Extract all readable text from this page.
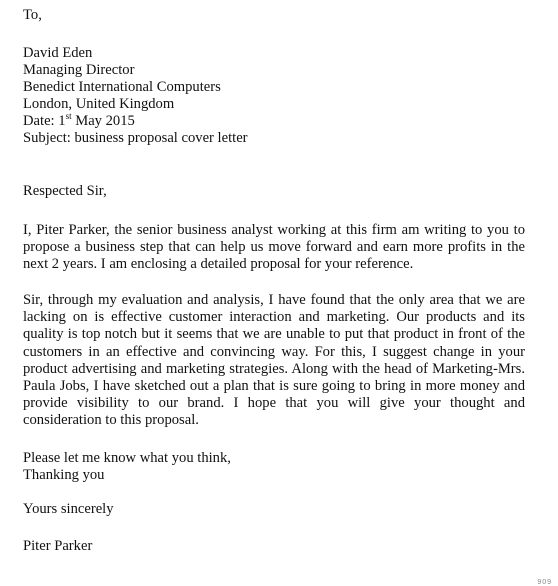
To,
David Eden
Managing Director
Benedict International Computers
London, United Kingdom
Date: 1st May 2015
Subject: business proposal cover letter
Respected Sir,
I, Piter Parker, the senior business analyst working at this firm am writing to you to propose a business step that can help us move forward and earn more profits in the next 2 years. I am enclosing a detailed proposal for your reference.
Sir, through my evaluation and analysis, I have found that the only area that we are lacking on is effective customer interaction and marketing. Our products and its quality is top notch but it seems that we are unable to put that product in front of the customers in an effective and convincing way. For this, I suggest change in your product advertising and marketing strategies. Along with the head of Marketing-Mrs. Paula Jobs, I have sketched out a plan that is sure going to bring in more money and provide visibility to our brand. I hope that you will give your thought and consideration to this proposal.
Please let me know what you think,
Thanking you
Yours sincerely
Piter Parker
909
